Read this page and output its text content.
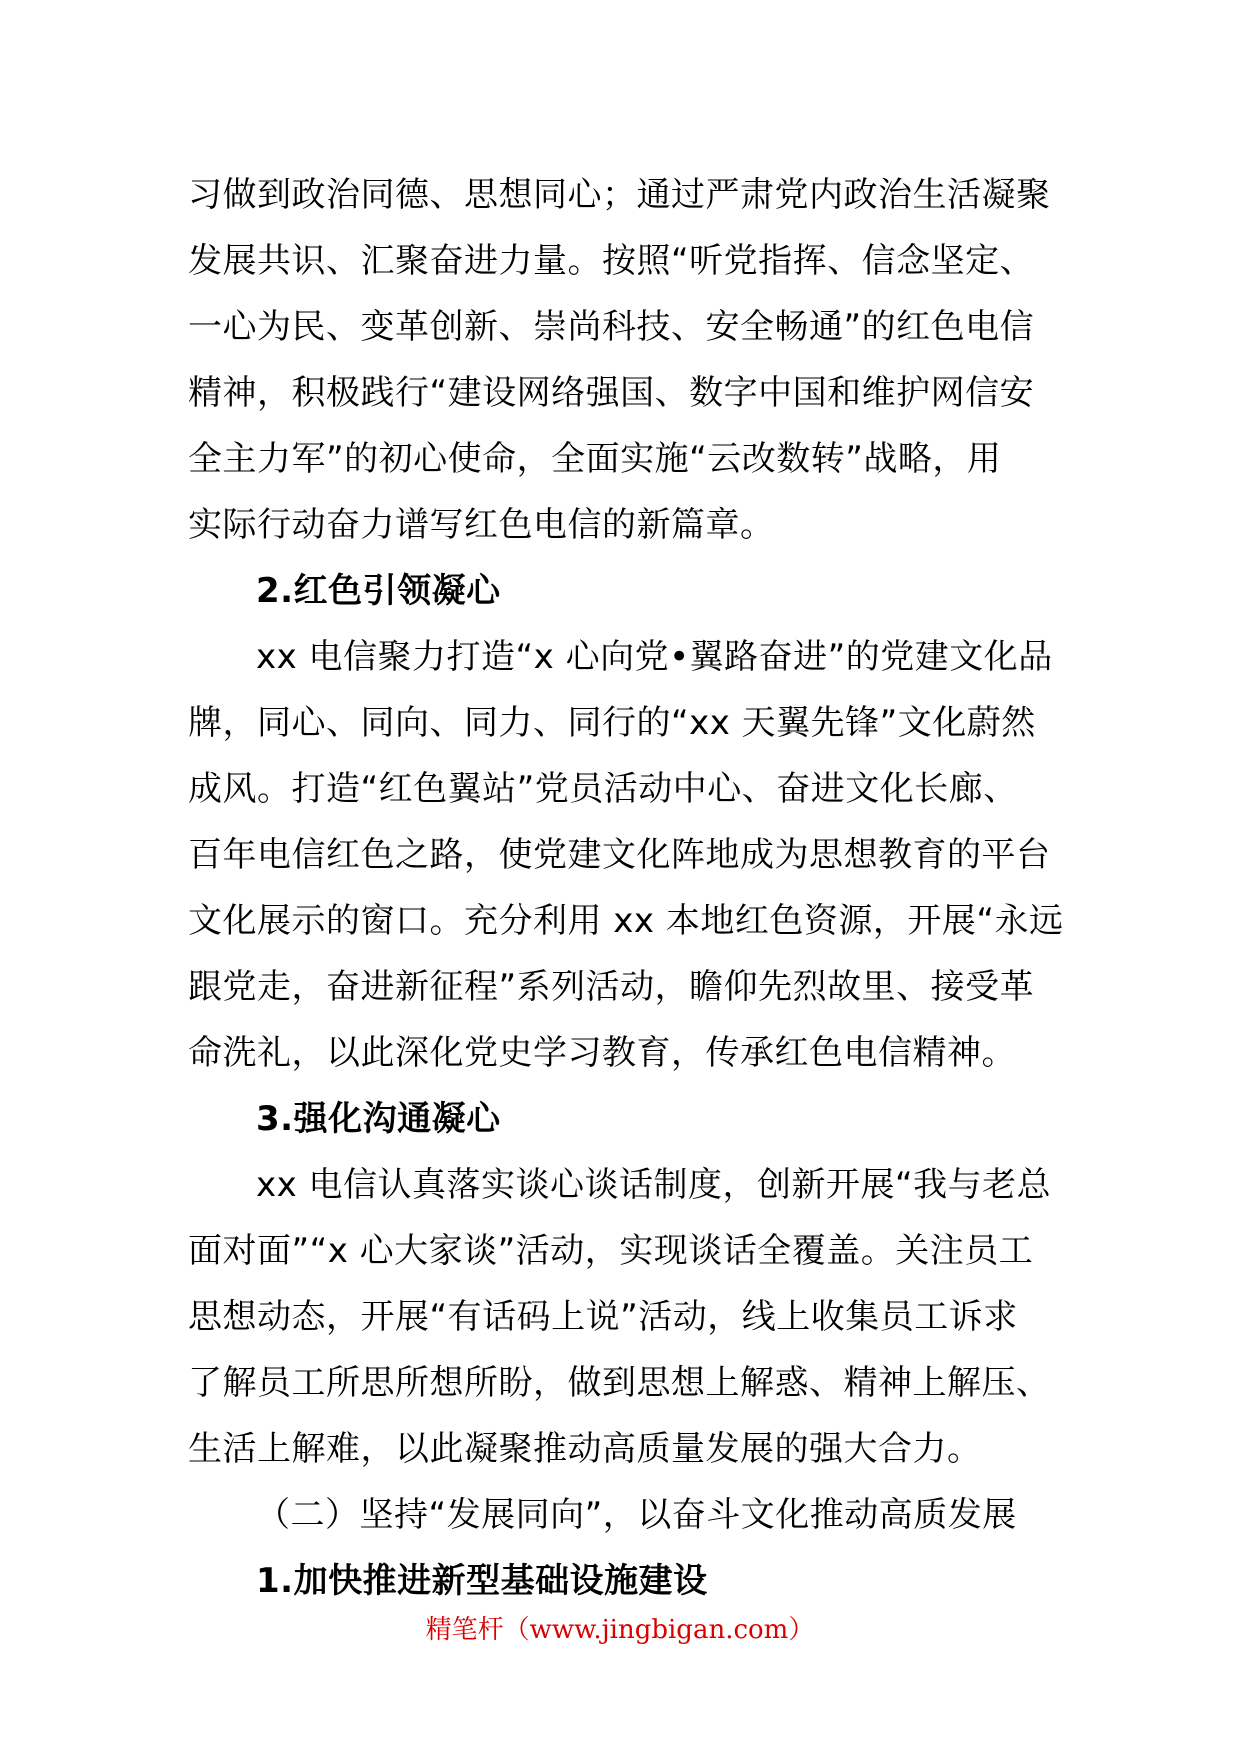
习做到政治同德、思想同心；通过严肃党内政治生活凝聚
发展共识、汇聚奋进力量。按照“听党指挥、信念坚定、
一心为民、变革创新、崇尚科技、安全畅通”的红色电信
精神，积极践行“建设网络强国、数字中国和维护网信安
全主力军”的初心使命，全面实施“云改数转”战略，用
实际行动奋力谱写红色电信的新篇章。
2.红色引领凝心
xx 电信聚力打造“x 心向党•翼路奋进”的党建文化品
牌，同心、同向、同力、同行的“xx 天翼先锋”文化蔚然
成风。打造“红色翼站”党员活动中心、奋进文化长廊、
百年电信红色之路，使党建文化阵地成为思想教育的平台
文化展示的窗口。充分利用 xx 本地红色资源，开展“永远
跟党走，奋进新征程”系列活动，瞻仰先烈故里、接受革
命洗礼，以此深化党史学习教育，传承红色电信精神。
3.强化沟通凝心
xx 电信认真落实谈心谈话制度，创新开展“我与老总
面对面”“x 心大家谈”活动，实现谈话全覆盖。关注员工
思想动态，开展“有话码上说”活动，线上收集员工诉求
了解员工所思所想所盼，做到思想上解惑、精神上解压、
生活上解难，以此凝聚推动高质量发展的强大合力。
（二）坚持“发展同向”，以奋斗文化推动高质发展
1.加快推进新型基础设施建设
精笔杆（www.jingbigan.com）
